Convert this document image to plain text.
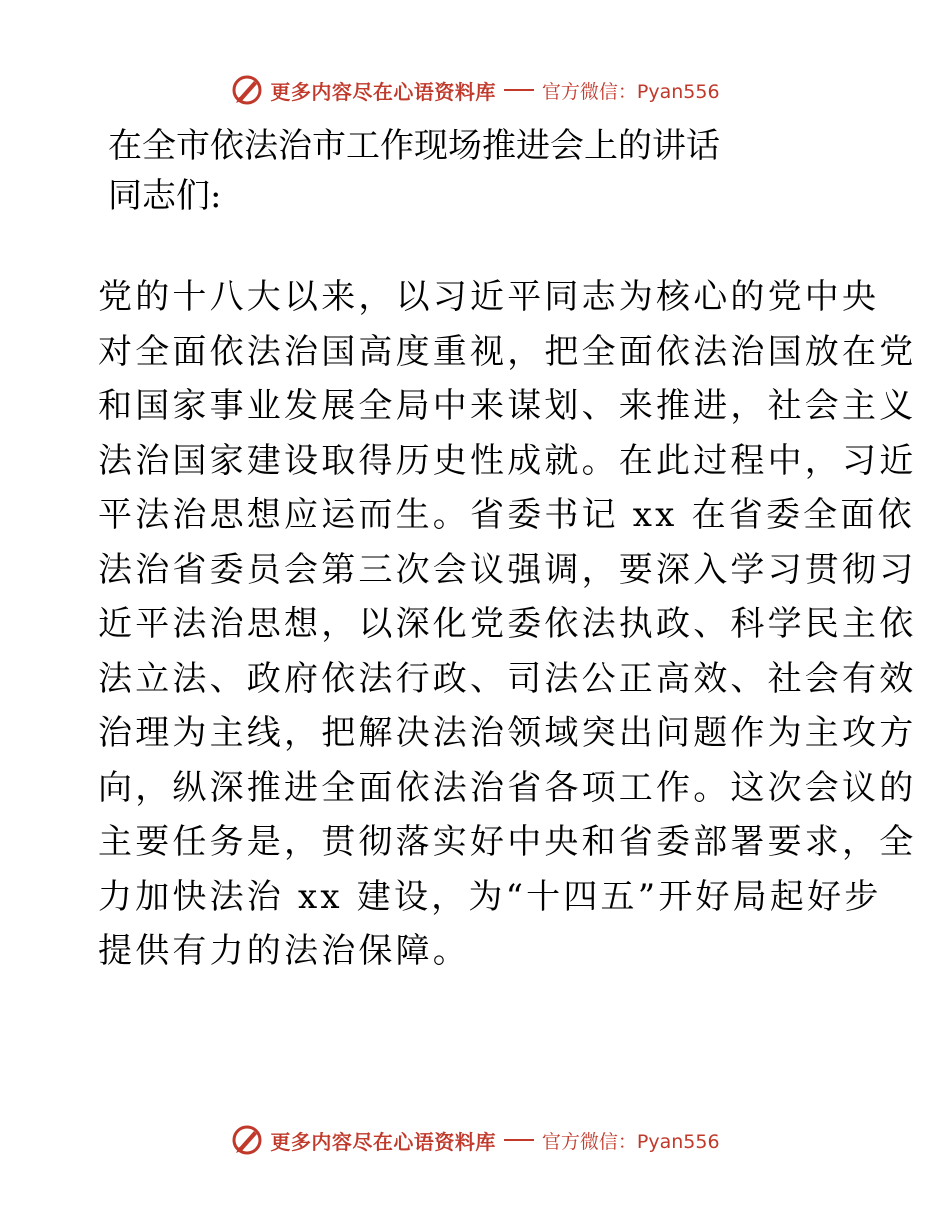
更多内容尽在心语资料库 官方微信：Pyan556
在全市依法治市工作现场推进会上的讲话

同志们:

党的十八大以来，以习近平同志为核心的党中央
对全面依法治国高度重视，把全面依法治国放在党
和国家事业发展全局中来谋划、来推进，社会主义
法治国家建设取得历史性成就。在此过程中，习近
平法治思想应运而生。省委书记 xx 在省委全面依
法治省委员会第三次会议强调，要深入学习贯彻习
近平法治思想，以深化党委依法执政、科学民主依
法立法、政府依法行政、司法公正高效、社会有效
治理为主线，把解决法治领域突出问题作为主攻方
向，纵深推进全面依法治省各项工作。这次会议的
主要任务是，贯彻落实好中央和省委部署要求，全
力加快法治 xx 建设，为“十四五”开好局起好步
提供有力的法治保障。
更多内容尽在心语资料库 官方微信：Pyan556
